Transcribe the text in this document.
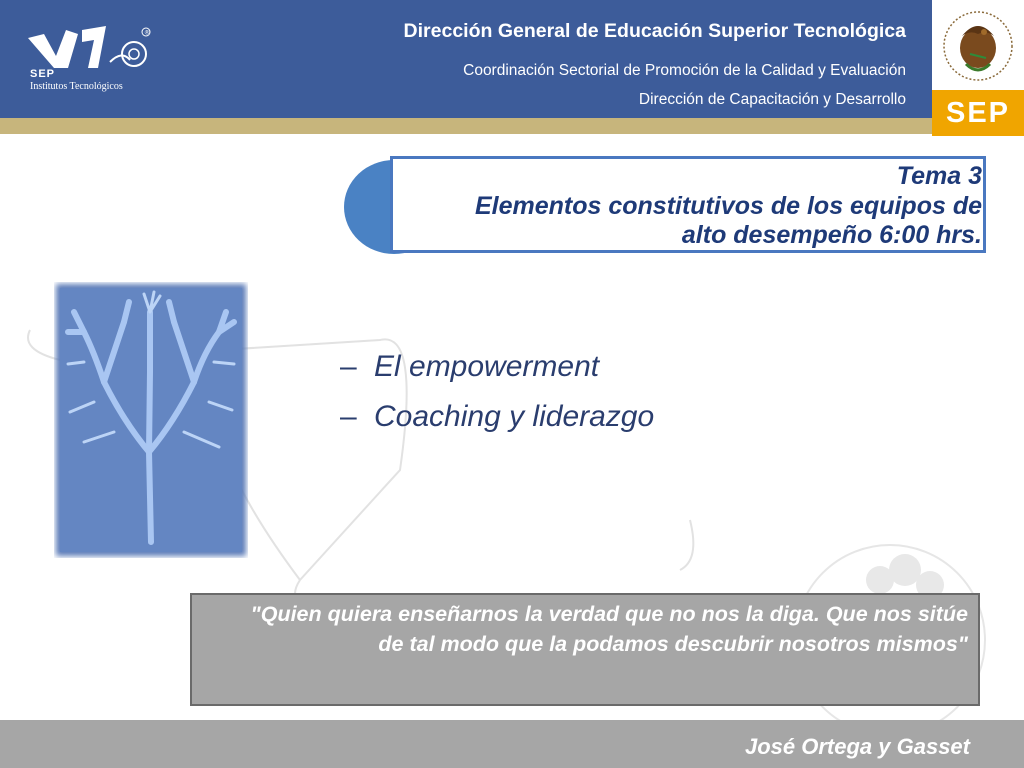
®
SEP
Institutos Tecnológicos
Dirección General de Educación Superior Tecnológica
Coordinación Sectorial de Promoción de la Calidad y Evaluación
Dirección de Capacitación y Desarrollo	SEP
Tema 3
Elementos constitutivos de los equipos de
alto desempeño 6:00 hrs.
– El empowerment
– Coaching y liderazgo
"Quien quiera enseñarnos la verdad que no nos la diga. Que nos sitúe de tal modo que la podamos descubrir nosotros mismos"
José Ortega y Gasset
